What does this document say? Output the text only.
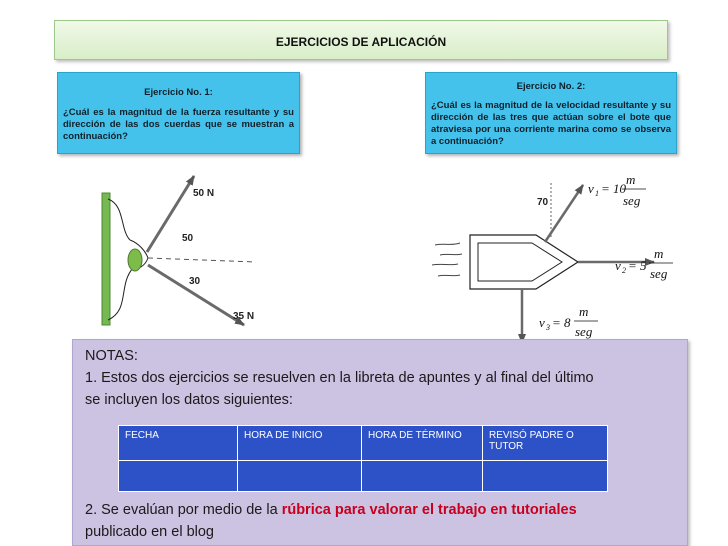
EJERCICIOS DE APLICACIÓN
Ejercicio No. 1:
¿Cuál es la magnitud de la fuerza resultante y su dirección de las dos cuerdas que se muestran a continuación?
Ejercicio No. 2:
¿Cuál es la magnitud de la velocidad resultante y su dirección de las tres que actúan sobre el bote que atraviesa por una corriente marina como se observa a continuación?
50 N
35 N
50
30
70
v 1 = 10
m
seg
v 2 = 5
m
seg
v 3 = 8
m
seg
NOTAS:
1. Estos dos ejercicios se resuelven en la libreta de apuntes y al final del último
se incluyen los datos siguientes:
FECHA	HORA DE INICIO	HORA DE TÉRMINO	REVISÓ PADRE O TUTOR

2. Se evalúan por medio de la rúbrica para valorar el trabajo en tutoriales
publicado en el blog
